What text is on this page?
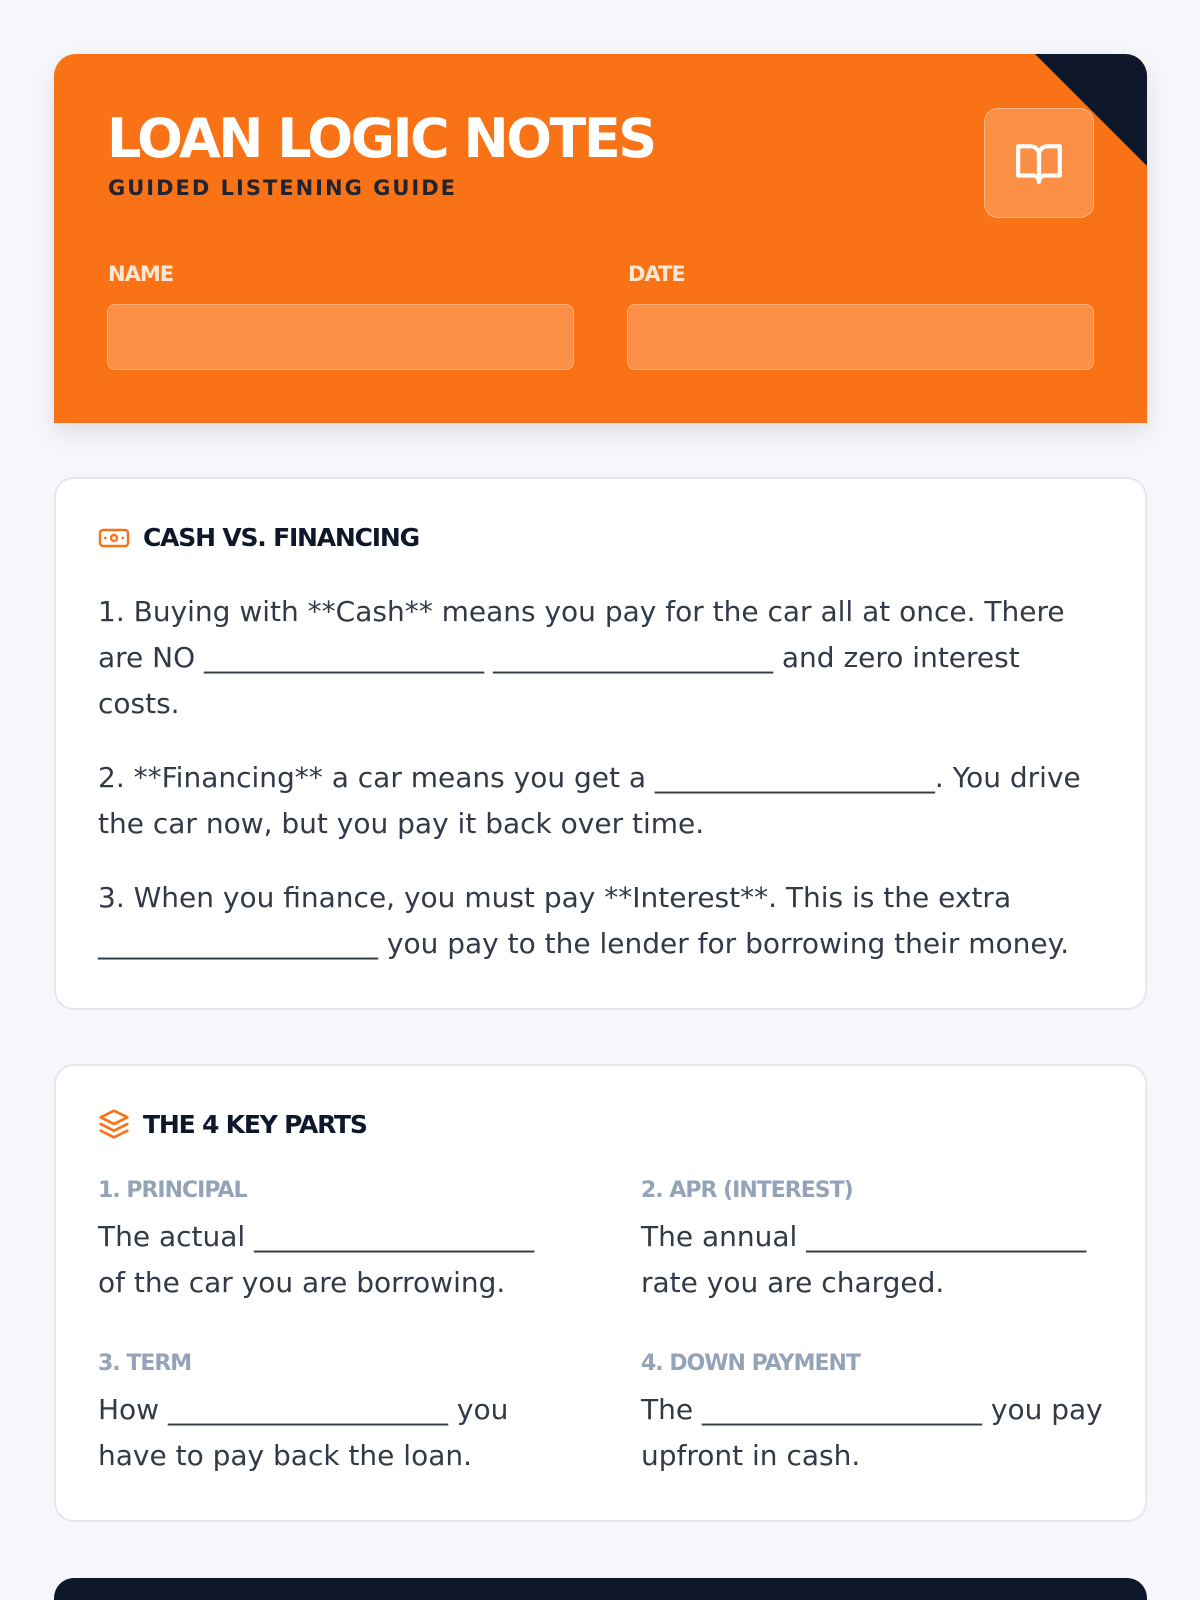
LOAN LOGIC NOTES
GUIDED LISTENING GUIDE
NAME	DATE
CASH VS. FINANCING

1. Buying with **Cash** means you pay for the car all at once. There are NO ____________________ ____________________ and zero interest costs.

2. **Financing** a car means you get a ____________________. You drive the car now, but you pay it back over time.

3. When you finance, you must pay **Interest**. This is the extra ____________________ you pay to the lender for borrowing their money.

THE 4 KEY PARTS
1. PRINCIPAL

The actual ____________________ of the car you are borrowing.

2. APR (INTEREST)

The annual ____________________ rate you are charged.

3. TERM

How ____________________ you have to pay back the loan.

4. DOWN PAYMENT

The ____________________ you pay upfront in cash.
